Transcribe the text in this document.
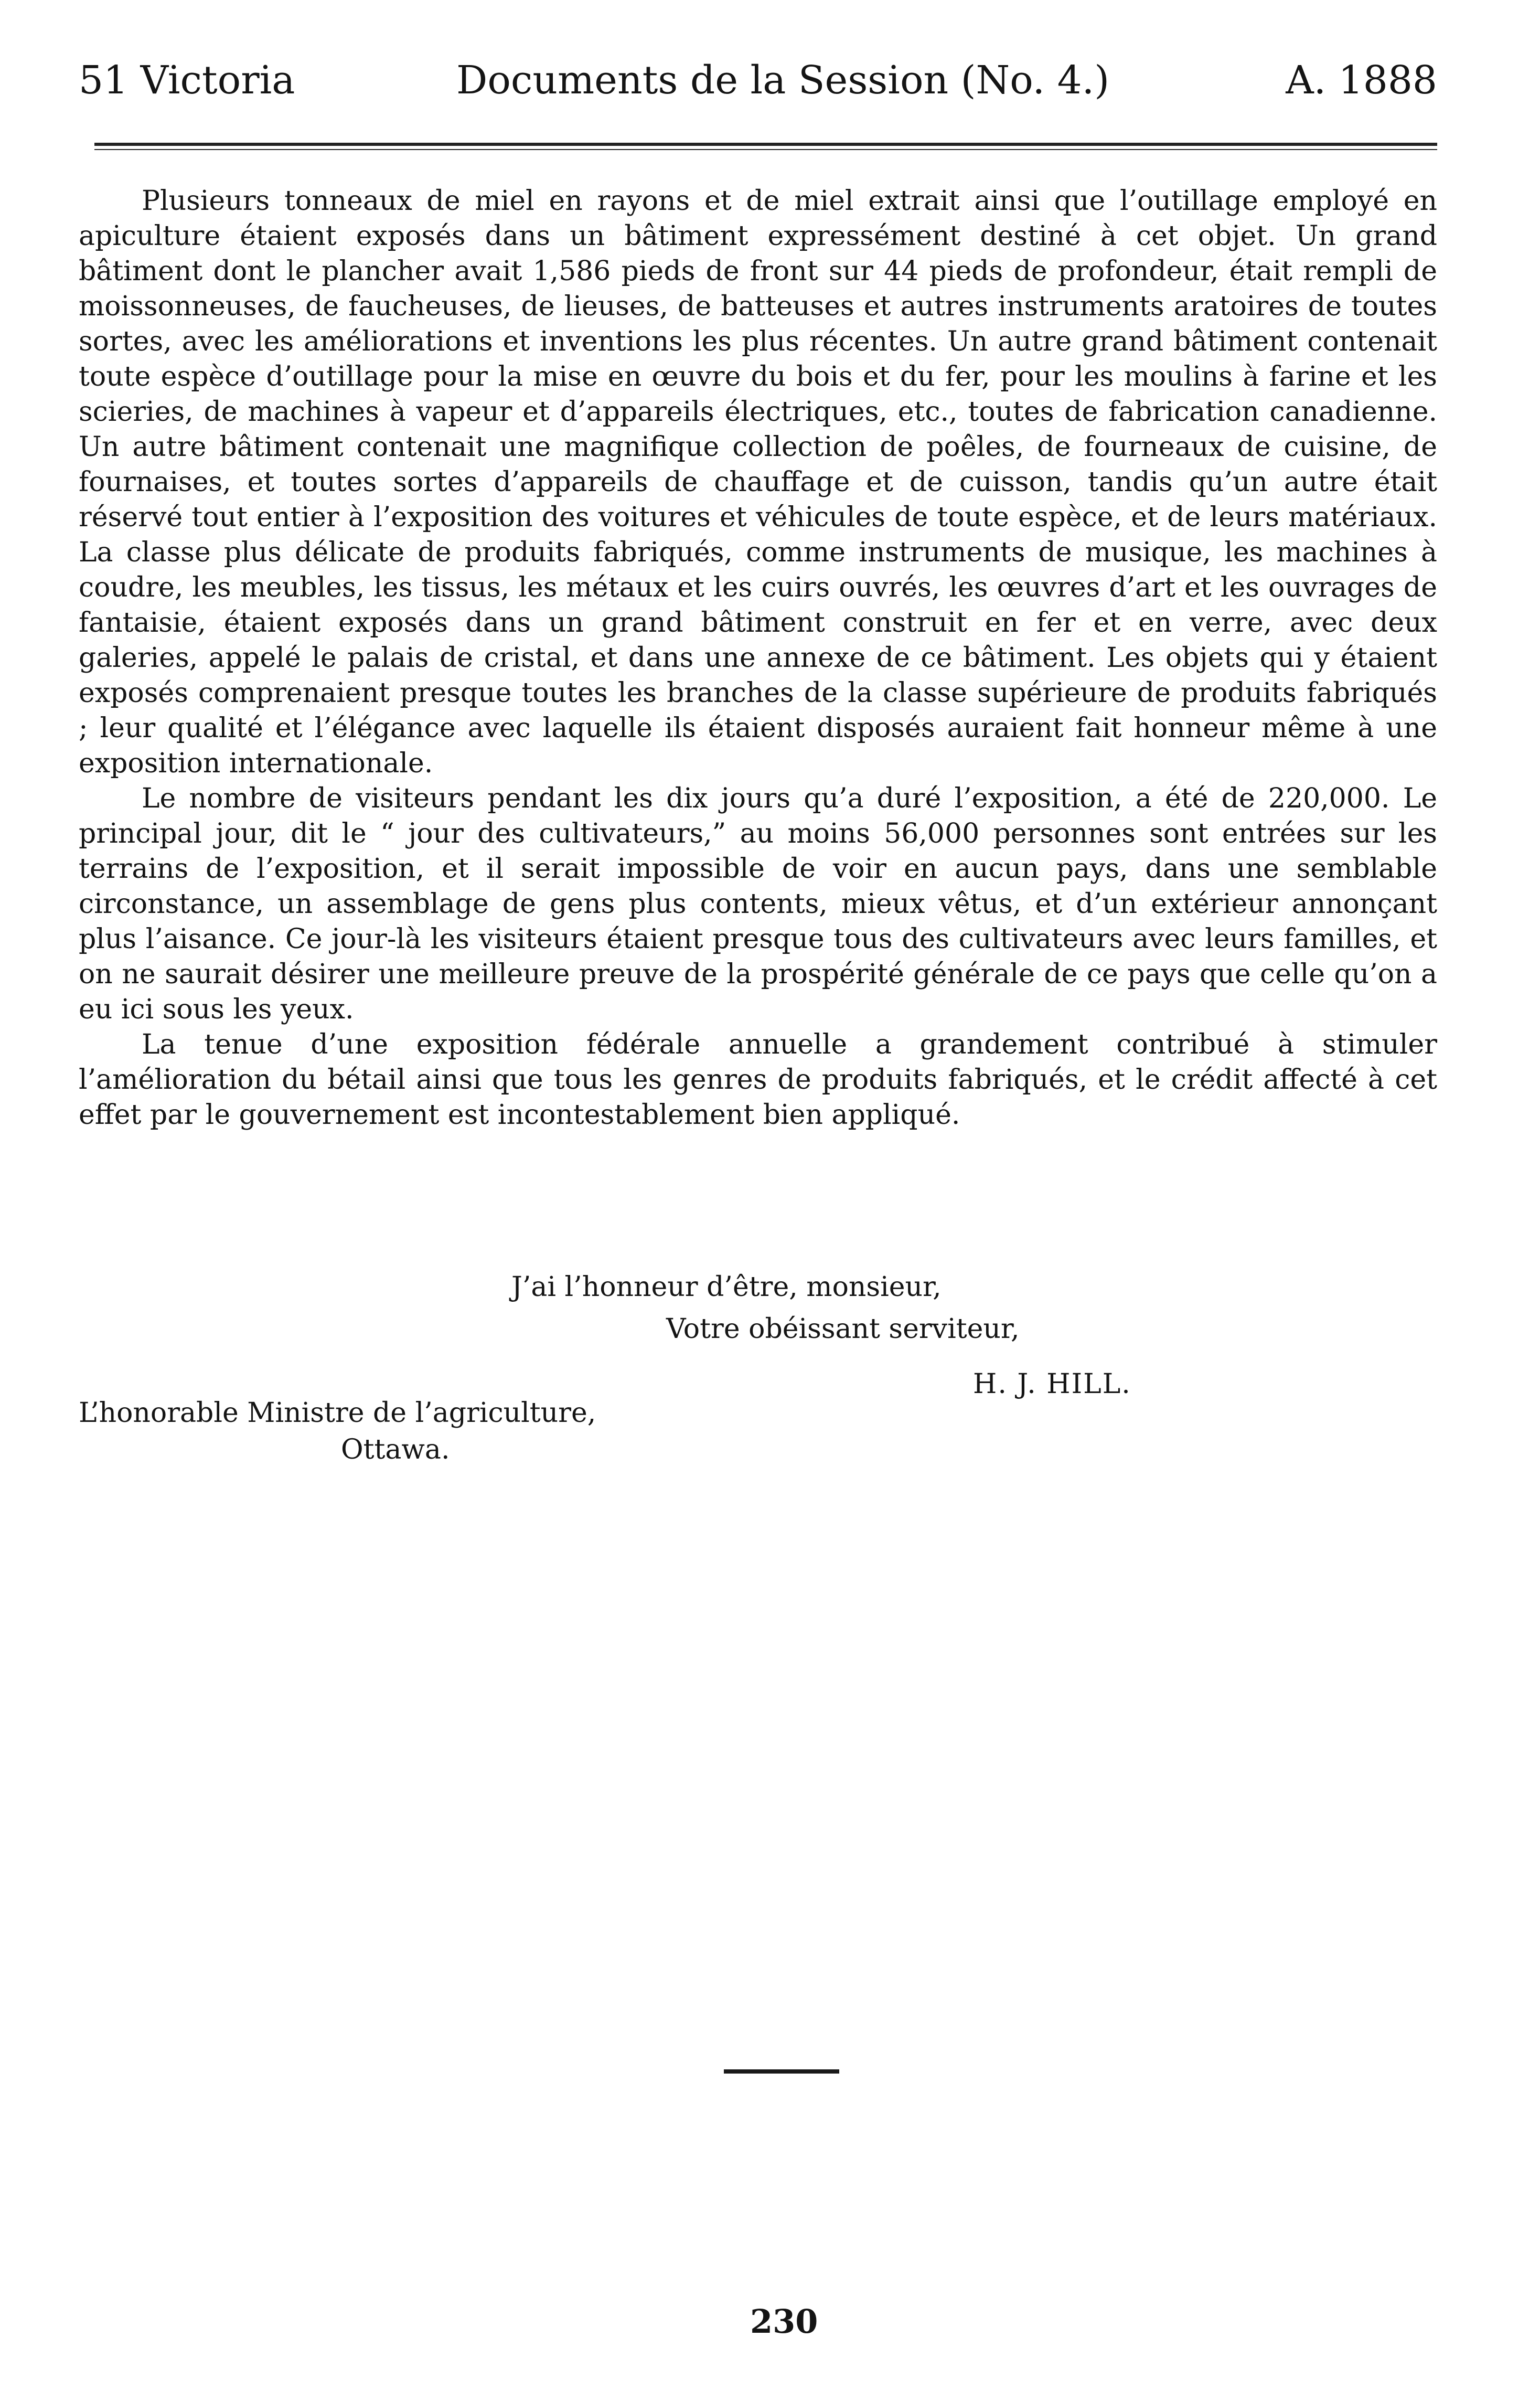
51 Victoria	Documents de la Session (No. 4.)	A. 1888

Plusieurs tonneaux de miel en rayons et de miel extrait ainsi que l’outillage employé en apiculture étaient exposés dans un bâtiment expressément destiné à cet objet. Un grand bâtiment dont le plancher avait 1,586 pieds de front sur 44 pieds de profondeur, était rempli de moissonneuses, de faucheuses, de lieuses, de batteuses et autres instruments aratoires de toutes sortes, avec les améliorations et inventions les plus récentes. Un autre grand bâtiment contenait toute espèce d’outillage pour la mise en œuvre du bois et du fer, pour les moulins à farine et les scieries, de machines à vapeur et d’appareils électriques, etc., toutes de fabrication canadienne. Un autre bâtiment contenait une magnifique collection de poêles, de fourneaux de cuisine, de fournaises, et toutes sortes d’appareils de chauffage et de cuisson, tandis qu’un autre était réservé tout entier à l’exposition des voitures et véhicules de toute espèce, et de leurs matériaux. La classe plus délicate de produits fabriqués, comme instruments de musique, les machines à coudre, les meubles, les tissus, les métaux et les cuirs ouvrés, les œuvres d’art et les ouvrages de fantaisie, étaient exposés dans un grand bâtiment construit en fer et en verre, avec deux galeries, appelé le palais de cristal, et dans une annexe de ce bâtiment. Les objets qui y étaient exposés comprenaient presque toutes les branches de la classe supérieure de produits fabriqués ; leur qualité et l’élégance avec laquelle ils étaient disposés auraient fait honneur même à une exposition internationale.

Le nombre de visiteurs pendant les dix jours qu’a duré l’exposition, a été de 220,000. Le principal jour, dit le “ jour des cultivateurs,” au moins 56,000 personnes sont entrées sur les terrains de l’exposition, et il serait impossible de voir en aucun pays, dans une semblable circonstance, un assemblage de gens plus contents, mieux vêtus, et d’un extérieur annonçant plus l’aisance. Ce jour-là les visiteurs étaient presque tous des cultivateurs avec leurs familles, et on ne saurait désirer une meilleure preuve de la prospérité générale de ce pays que celle qu’on a eu ici sous les yeux.

La tenue d’une exposition fédérale annuelle a grandement contribué à stimuler l’amélioration du bétail ainsi que tous les genres de produits fabriqués, et le crédit affecté à cet effet par le gouvernement est incontestablement bien appliqué.

J’ai l’honneur d’être, monsieur,
Votre obéissant serviteur,
H. J. HILL.
L’honorable Ministre de l’agriculture,
Ottawa.
230
